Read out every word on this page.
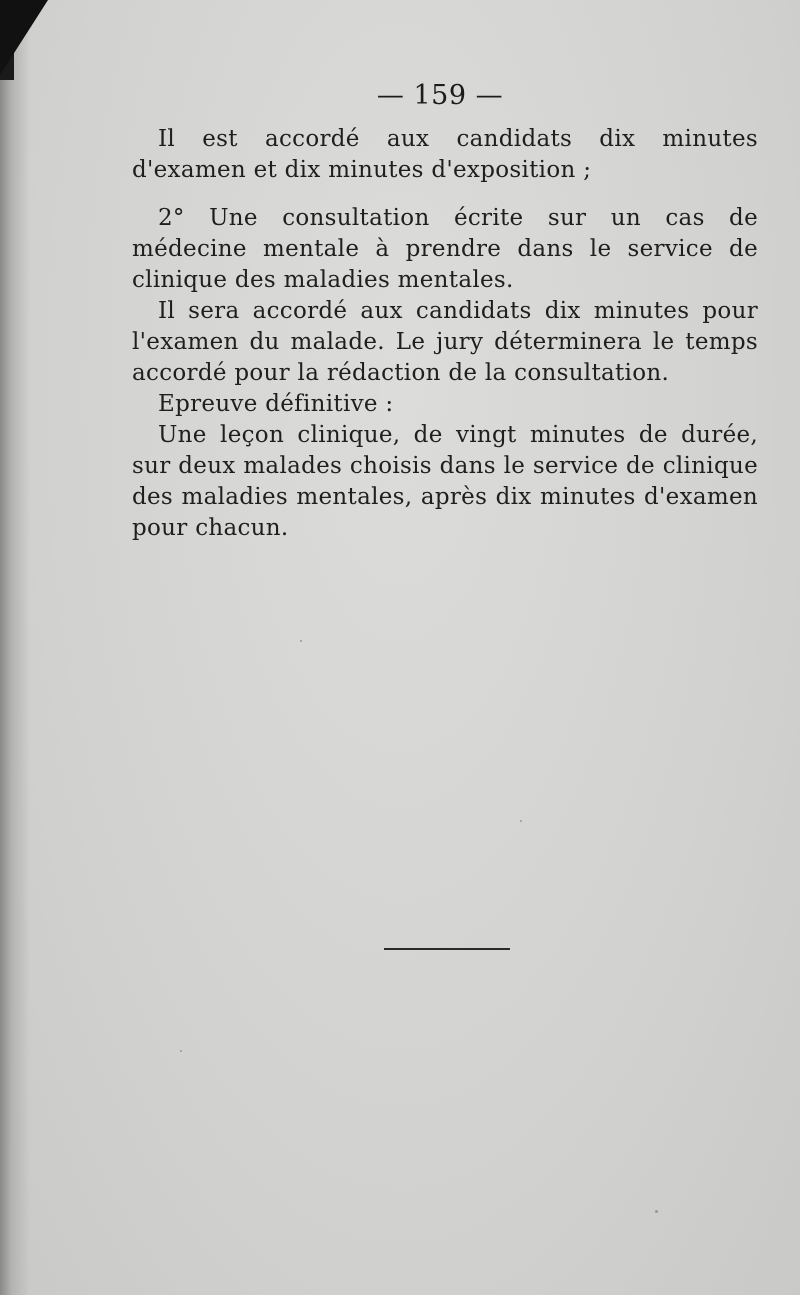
— 159 —

Il est accordé aux candidats dix minutes d'examen et dix minutes d'exposition ;

2° Une consultation écrite sur un cas de médecine mentale à prendre dans le service de clinique des maladies mentales.

Il sera accordé aux candidats dix minutes pour l'examen du malade. Le jury déterminera le temps accordé pour la rédaction de la consultation.

Epreuve définitive :

Une leçon clinique, de vingt minutes de durée, sur deux malades choisis dans le service de clinique des maladies mentales, après dix minutes d'examen pour chacun.
